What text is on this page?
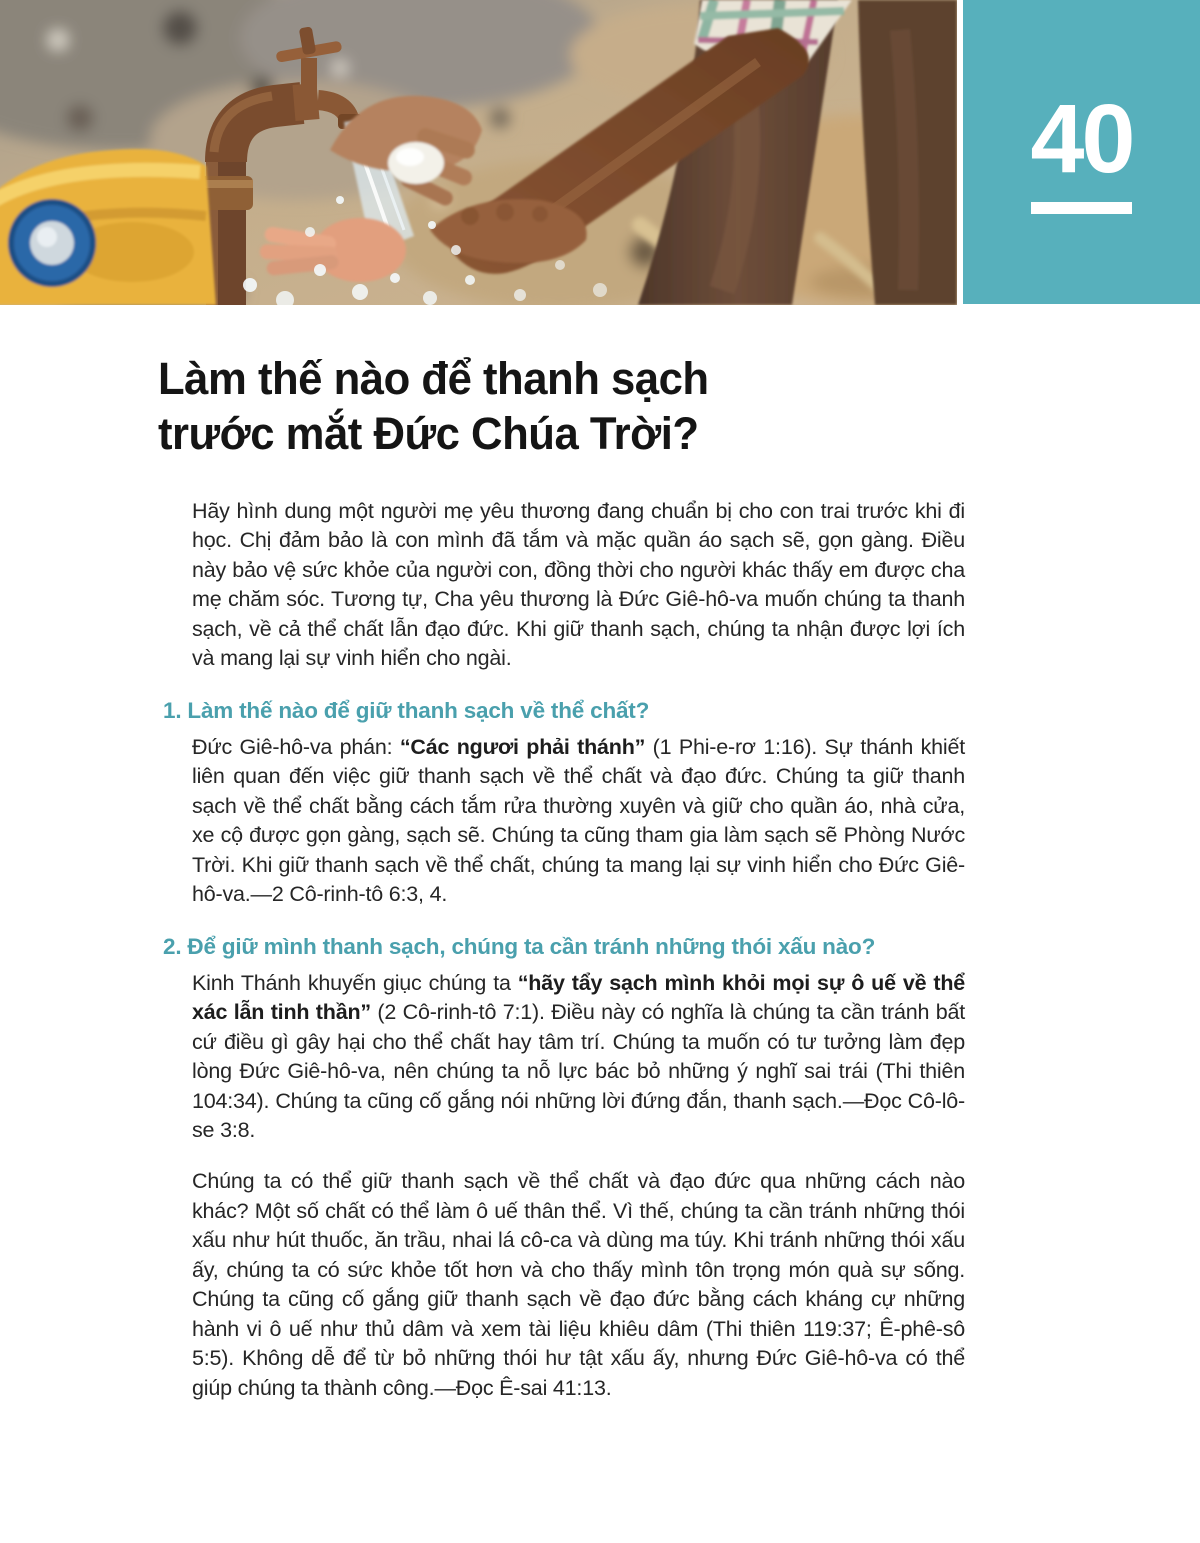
40
Làm thế nào để thanh sạch
trước mắt Đức Chúa Trời?

Hãy hình dung một người mẹ yêu thương đang chuẩn bị cho con trai trước khi đi học. Chị đảm bảo là con mình đã tắm và mặc quần áo sạch sẽ, gọn gàng. Điều này bảo vệ sức khỏe của người con, đồng thời cho người khác thấy em được cha mẹ chăm sóc. Tương tự, Cha yêu thương là Đức Giê-hô-va muốn chúng ta thanh sạch, về cả thể chất lẫn đạo đức. Khi giữ thanh sạch, chúng ta nhận được lợi ích và mang lại sự vinh hiển cho ngài.

1. Làm thế nào để giữ thanh sạch về thể chất?

Đức Giê-hô-va phán: “Các ngươi phải thánh” (1 Phi-e-rơ 1:16). Sự thánh khiết liên quan đến việc giữ thanh sạch về thể chất và đạo đức. Chúng ta giữ thanh sạch về thể chất bằng cách tắm rửa thường xuyên và giữ cho quần áo, nhà cửa, xe cộ được gọn gàng, sạch sẽ. Chúng ta cũng tham gia làm sạch sẽ Phòng Nước Trời. Khi giữ thanh sạch về thể chất, chúng ta mang lại sự vinh hiển cho Đức Giê-hô-va.—2 Cô-rinh-tô 6:3, 4.

2. Để giữ mình thanh sạch, chúng ta cần tránh những thói xấu nào?

Kinh Thánh khuyến giục chúng ta “hãy tẩy sạch mình khỏi mọi sự ô uế về thể xác lẫn tinh thần” (2 Cô-rinh-tô 7:1). Điều này có nghĩa là chúng ta cần tránh bất cứ điều gì gây hại cho thể chất hay tâm trí. Chúng ta muốn có tư tưởng làm đẹp lòng Đức Giê-hô-va, nên chúng ta nỗ lực bác bỏ những ý nghĩ sai trái (Thi thiên 104:34). Chúng ta cũng cố gắng nói những lời đứng đắn, thanh sạch.—Đọc Cô-lô-se 3:8.

Chúng ta có thể giữ thanh sạch về thể chất và đạo đức qua những cách nào khác? Một số chất có thể làm ô uế thân thể. Vì thế, chúng ta cần tránh những thói xấu như hút thuốc, ăn trầu, nhai lá cô-ca và dùng ma túy. Khi tránh những thói xấu ấy, chúng ta có sức khỏe tốt hơn và cho thấy mình tôn trọng món quà sự sống. Chúng ta cũng cố gắng giữ thanh sạch về đạo đức bằng cách kháng cự những hành vi ô uế như thủ dâm và xem tài liệu khiêu dâm (Thi thiên 119:37; Ê-phê-sô 5:5). Không dễ để từ bỏ những thói hư tật xấu ấy, nhưng Đức Giê-hô-va có thể giúp chúng ta thành công.—Đọc Ê-sai 41:13.
